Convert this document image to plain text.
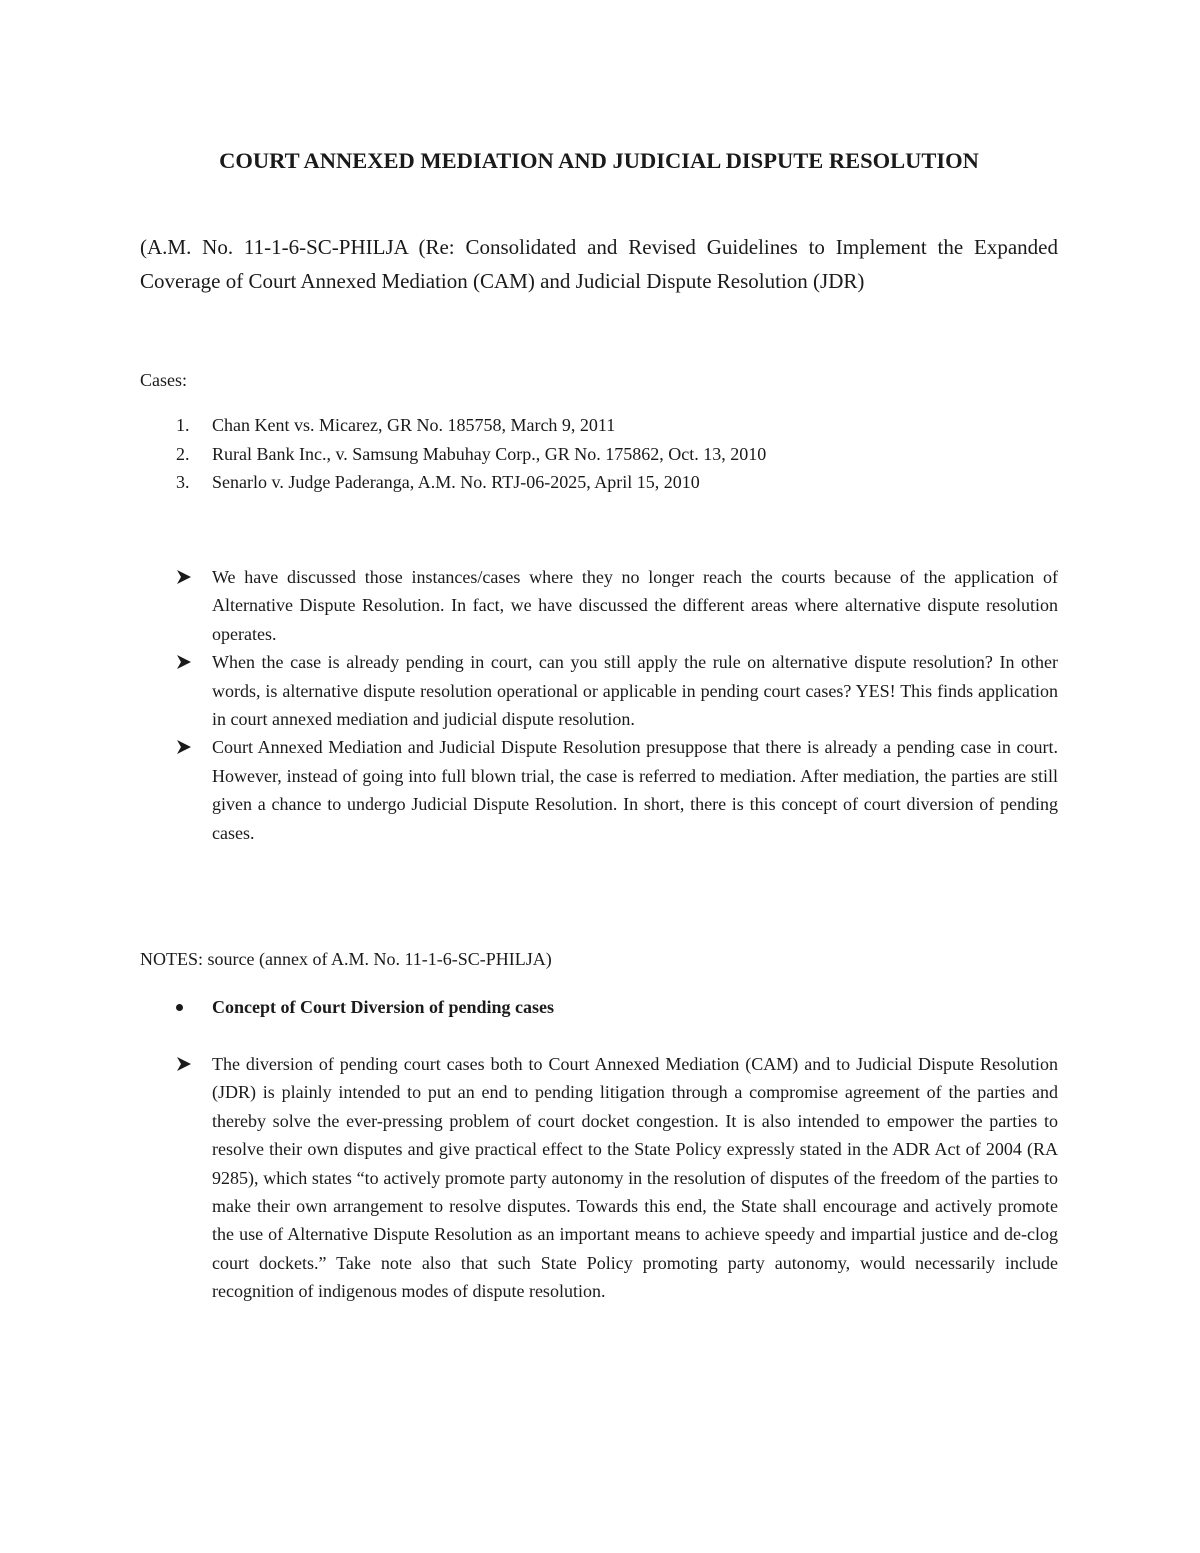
COURT ANNEXED MEDIATION AND JUDICIAL DISPUTE RESOLUTION

(A.M. No. 11-1-6-SC-PHILJA (Re: Consolidated and Revised Guidelines to Implement the Expanded Coverage of Court Annexed Mediation (CAM) and Judicial Dispute Resolution (JDR)

Cases:

1. Chan Kent vs. Micarez, GR No. 185758, March 9, 2011
2. Rural Bank Inc., v. Samsung Mabuhay Corp., GR No. 175862, Oct. 13, 2010
3. Senarlo v. Judge Paderanga, A.M. No. RTJ-06-2025, April 15, 2010
We have discussed those instances/cases where they no longer reach the courts because of the application of Alternative Dispute Resolution. In fact, we have discussed the different areas where alternative dispute resolution operates.
When the case is already pending in court, can you still apply the rule on alternative dispute resolution? In other words, is alternative dispute resolution operational or applicable in pending court cases? YES! This finds application in court annexed mediation and judicial dispute resolution.
Court Annexed Mediation and Judicial Dispute Resolution presuppose that there is already a pending case in court. However, instead of going into full blown trial, the case is referred to mediation. After mediation, the parties are still given a chance to undergo Judicial Dispute Resolution. In short, there is this concept of court diversion of pending cases.

NOTES: source (annex of A.M. No. 11-1-6-SC-PHILJA)

Concept of Court Diversion of pending cases
The diversion of pending court cases both to Court Annexed Mediation (CAM) and to Judicial Dispute Resolution (JDR) is plainly intended to put an end to pending litigation through a compromise agreement of the parties and thereby solve the ever-pressing problem of court docket congestion. It is also intended to empower the parties to resolve their own disputes and give practical effect to the State Policy expressly stated in the ADR Act of 2004 (RA 9285), which states “to actively promote party autonomy in the resolution of disputes of the freedom of the parties to make their own arrangement to resolve disputes. Towards this end, the State shall encourage and actively promote the use of Alternative Dispute Resolution as an important means to achieve speedy and impartial justice and de-clog court dockets.” Take note also that such State Policy promoting party autonomy, would necessarily include recognition of indigenous modes of dispute resolution.
